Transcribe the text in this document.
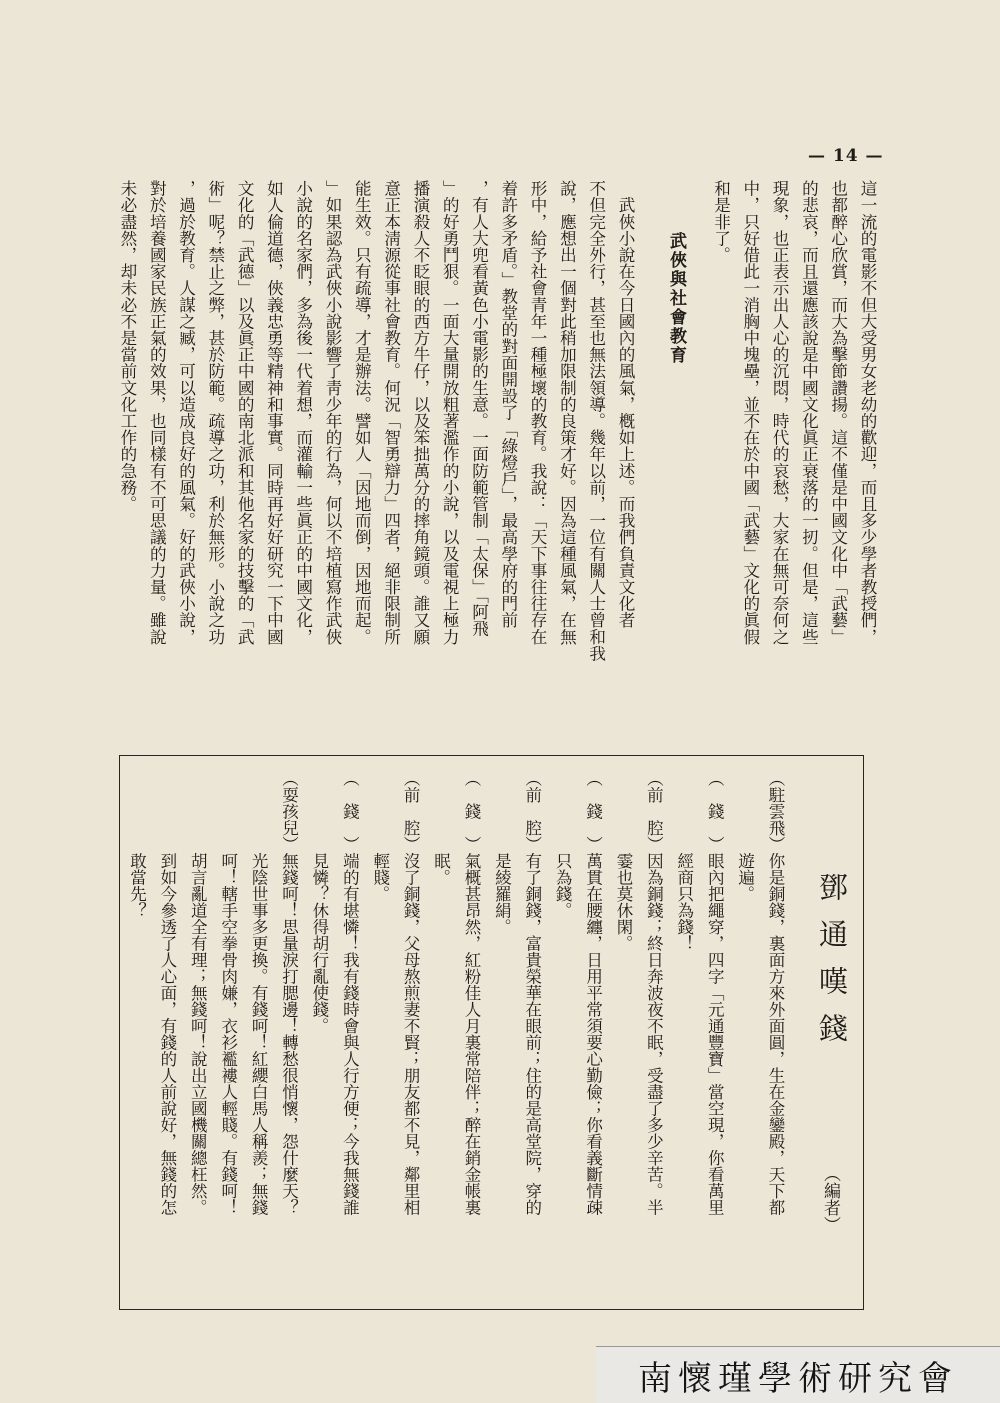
— 14 —
這一流的電影不但大受男女老幼的歡迎，而且多少學者教授們，
也都醉心欣賞，而大為擊節讚揚。這不僅是中國文化中「武藝」
的悲哀，而且還應該說是中國文化眞正衰落的一扨。但是，這些
現象，也正表示出人心的沉悶，時代的哀愁，大家在無可奈何之
中，只好借此一消胸中塊壘，並不在於中國「武藝」文化的眞假
和是非了。
武俠與社會教育
　武俠小說在今日國內的風氣，槪如上述。而我們負責文化者
不但完全外行，甚至也無法領導。幾年以前，一位有關人士曾和我
說，應想出一個對此稍加限制的良策才好。因為這種風氣，在無
形中，給予社會青年一種極壞的教育。我說：「天下事往往存在
着許多矛盾。」教堂的對面開設了「綠燈戶」，最高學府的門前
，有人大兜看黃色小電影的生意。一面防範管制「太保」「阿飛
」的好勇鬥狠。一面大量開放粗著濫作的小說，以及電視上極力
播演殺人不眨眼的西方牛仔，以及笨拙萬分的摔角鏡頭。誰又願
意正本淸源從事社會教育。何況「智勇辯力」四者，絕非限制所
能生效。只有疏導，才是辦法。譬如人「因地而倒，因地而起。
」如果認為武俠小說影響了靑少年的行為，何以不培植寫作武俠
小說的名家們，多為後一代着想，而灌輸一些眞正的中國文化，
如人倫道德，俠義忠勇等精神和事實。同時再好好研究一下中國
文化的「武德」以及眞正中國的南北派和其他名家的技擊的「武
術」呢？禁止之弊，甚於防範。疏導之功，利於無形。小說之功
，過於教育。人謀之臧，可以造成良好的風氣。好的武俠小說，
對於培養國家民族正氣的效果，也同樣有不可思議的力量。雖說
未必盡然，却未必不是當前文化工作的急務。
鄧通嘆錢
（編者）
（駐雲飛）你是銅錢，裏面方來外面圓，生在金鑾殿，天下都
　　　　　遊遍。
（　錢　）眼內把繩穿，四字「元通豐寶」當空現，你看萬里
　　　　　經商只為錢！
（前　腔）因為銅錢；終日奔波夜不眠，受盡了多少辛苦。半
　　　　　霎也莫休閑。
（　錢　）萬貫在腰纏，日用平常須要心勤儉；你看義斷情疎
　　　　　只為錢。
（前　腔）有了銅錢，富貴榮華在眼前；住的是高堂院，穿的
　　　　　是綾羅絹。
（　錢　）氣概甚昂然，紅粉佳人月裏常陪伴；醉在銷金帳裏
　　　　　眠。
（前　腔）沒了銅錢，父母熬煎妻不賢；朋友都不見，鄰里相
　　　　　輕賤。
（　錢　）端的有堪憐！我有錢時會與人行方便；今我無錢誰
　　　　　見憐？休得胡行亂使錢。
（耍孩兒）無錢呵！思量淚打腮邊！轉愁很悄懷，怨什麼天？
　　　　　光陰世事多更換。有錢呵！紅纓白馬人稱羨；無錢
　　　　　呵！轄手空拳骨肉嫌，衣衫襤褸人輕賤。有錢呵！
　　　　　胡言亂道全有理；無錢呵！說出立國機關總枉然。
　　　　　到如今參透了人心面，有錢的人前說好，無錢的怎
　　　　　敢當先？
南懷瑾學術研究會
